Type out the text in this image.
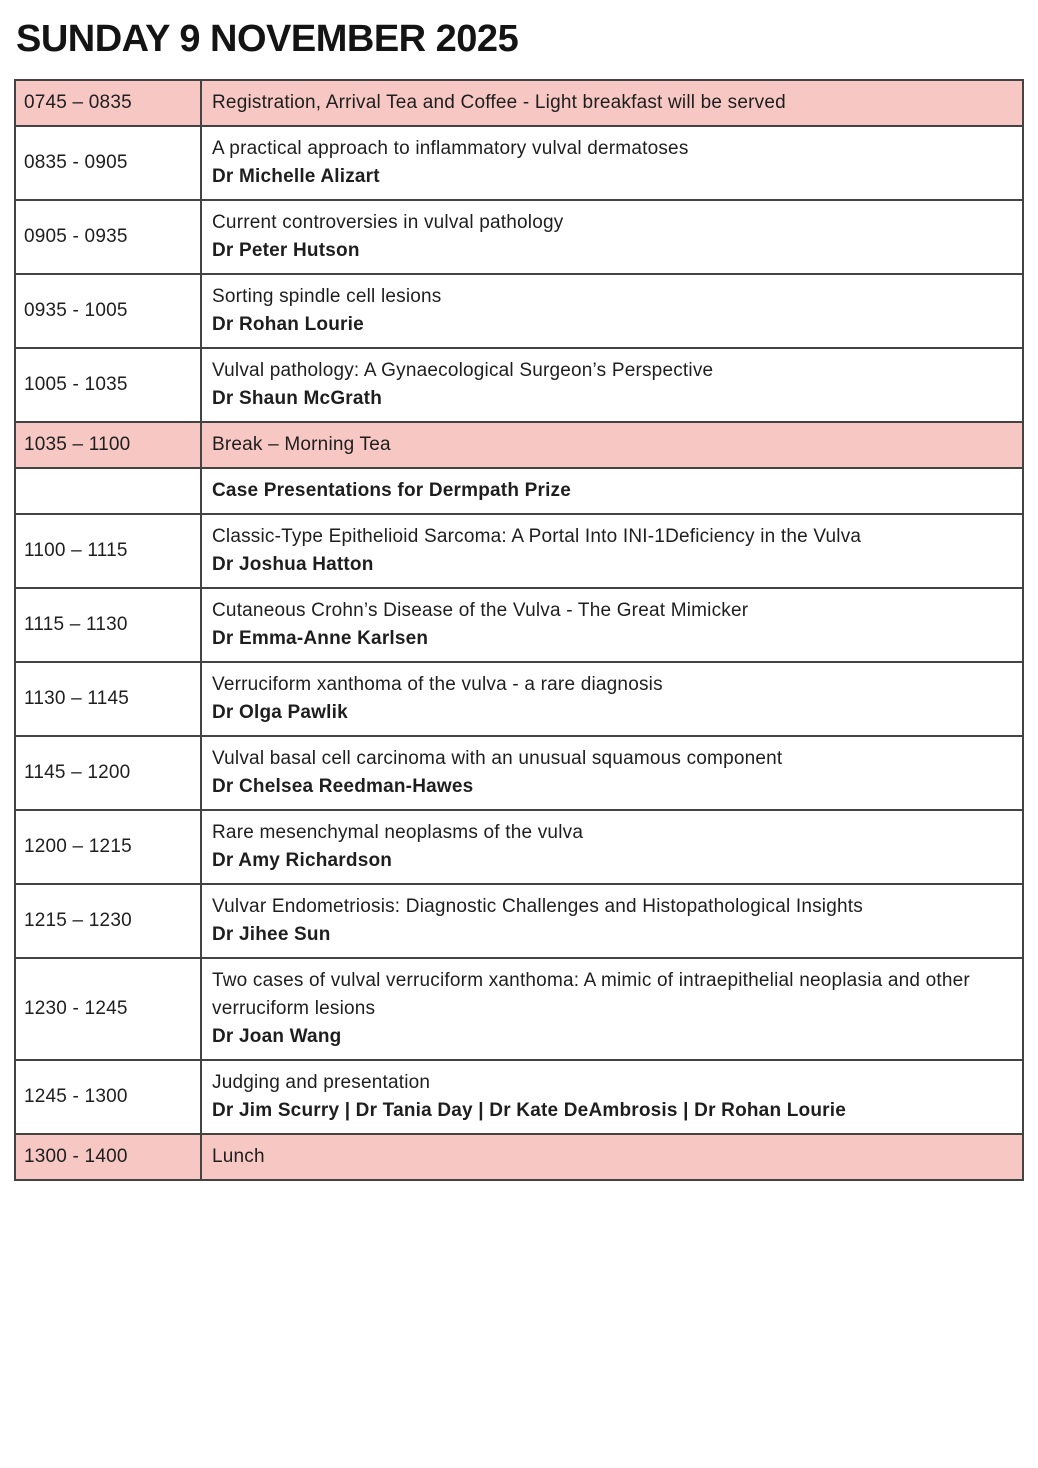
SUNDAY 9 NOVEMBER 2025
0745 – 0835	Registration, Arrival Tea and Coffee - Light breakfast will be served

0835 - 0905	A practical approach to inflammatory vulval dermatoses
Dr Michelle Alizart

0905 - 0935	Current controversies in vulval pathology
Dr Peter Hutson

0935 - 1005	Sorting spindle cell lesions
Dr Rohan Lourie

1005 - 1035	Vulval pathology: A Gynaecological Surgeon’s Perspective
Dr Shaun McGrath

1035 – 1100	Break – Morning Tea

	Case Presentations for Dermpath Prize

1100 – 1115	Classic-Type Epithelioid Sarcoma: A Portal Into INI-1Deficiency in the Vulva
Dr Joshua Hatton

1115 – 1130	Cutaneous Crohn’s Disease of the Vulva - The Great Mimicker
Dr Emma-Anne Karlsen

1130 – 1145	Verruciform xanthoma of the vulva - a rare diagnosis
Dr Olga Pawlik

1145 – 1200	Vulval basal cell carcinoma with an unusual squamous component
Dr Chelsea Reedman-Hawes

1200 – 1215	Rare mesenchymal neoplasms of the vulva
Dr Amy Richardson

1215 – 1230	Vulvar Endometriosis: Diagnostic Challenges and Histopathological Insights
Dr Jihee Sun

1230 - 1245	Two cases of vulval verruciform xanthoma: A mimic of intraepithelial neoplasia and other verruciform lesions
Dr Joan Wang

1245 - 1300	Judging and presentation
Dr Jim Scurry | Dr Tania Day | Dr Kate DeAmbrosis | Dr Rohan Lourie

1300 - 1400	Lunch
